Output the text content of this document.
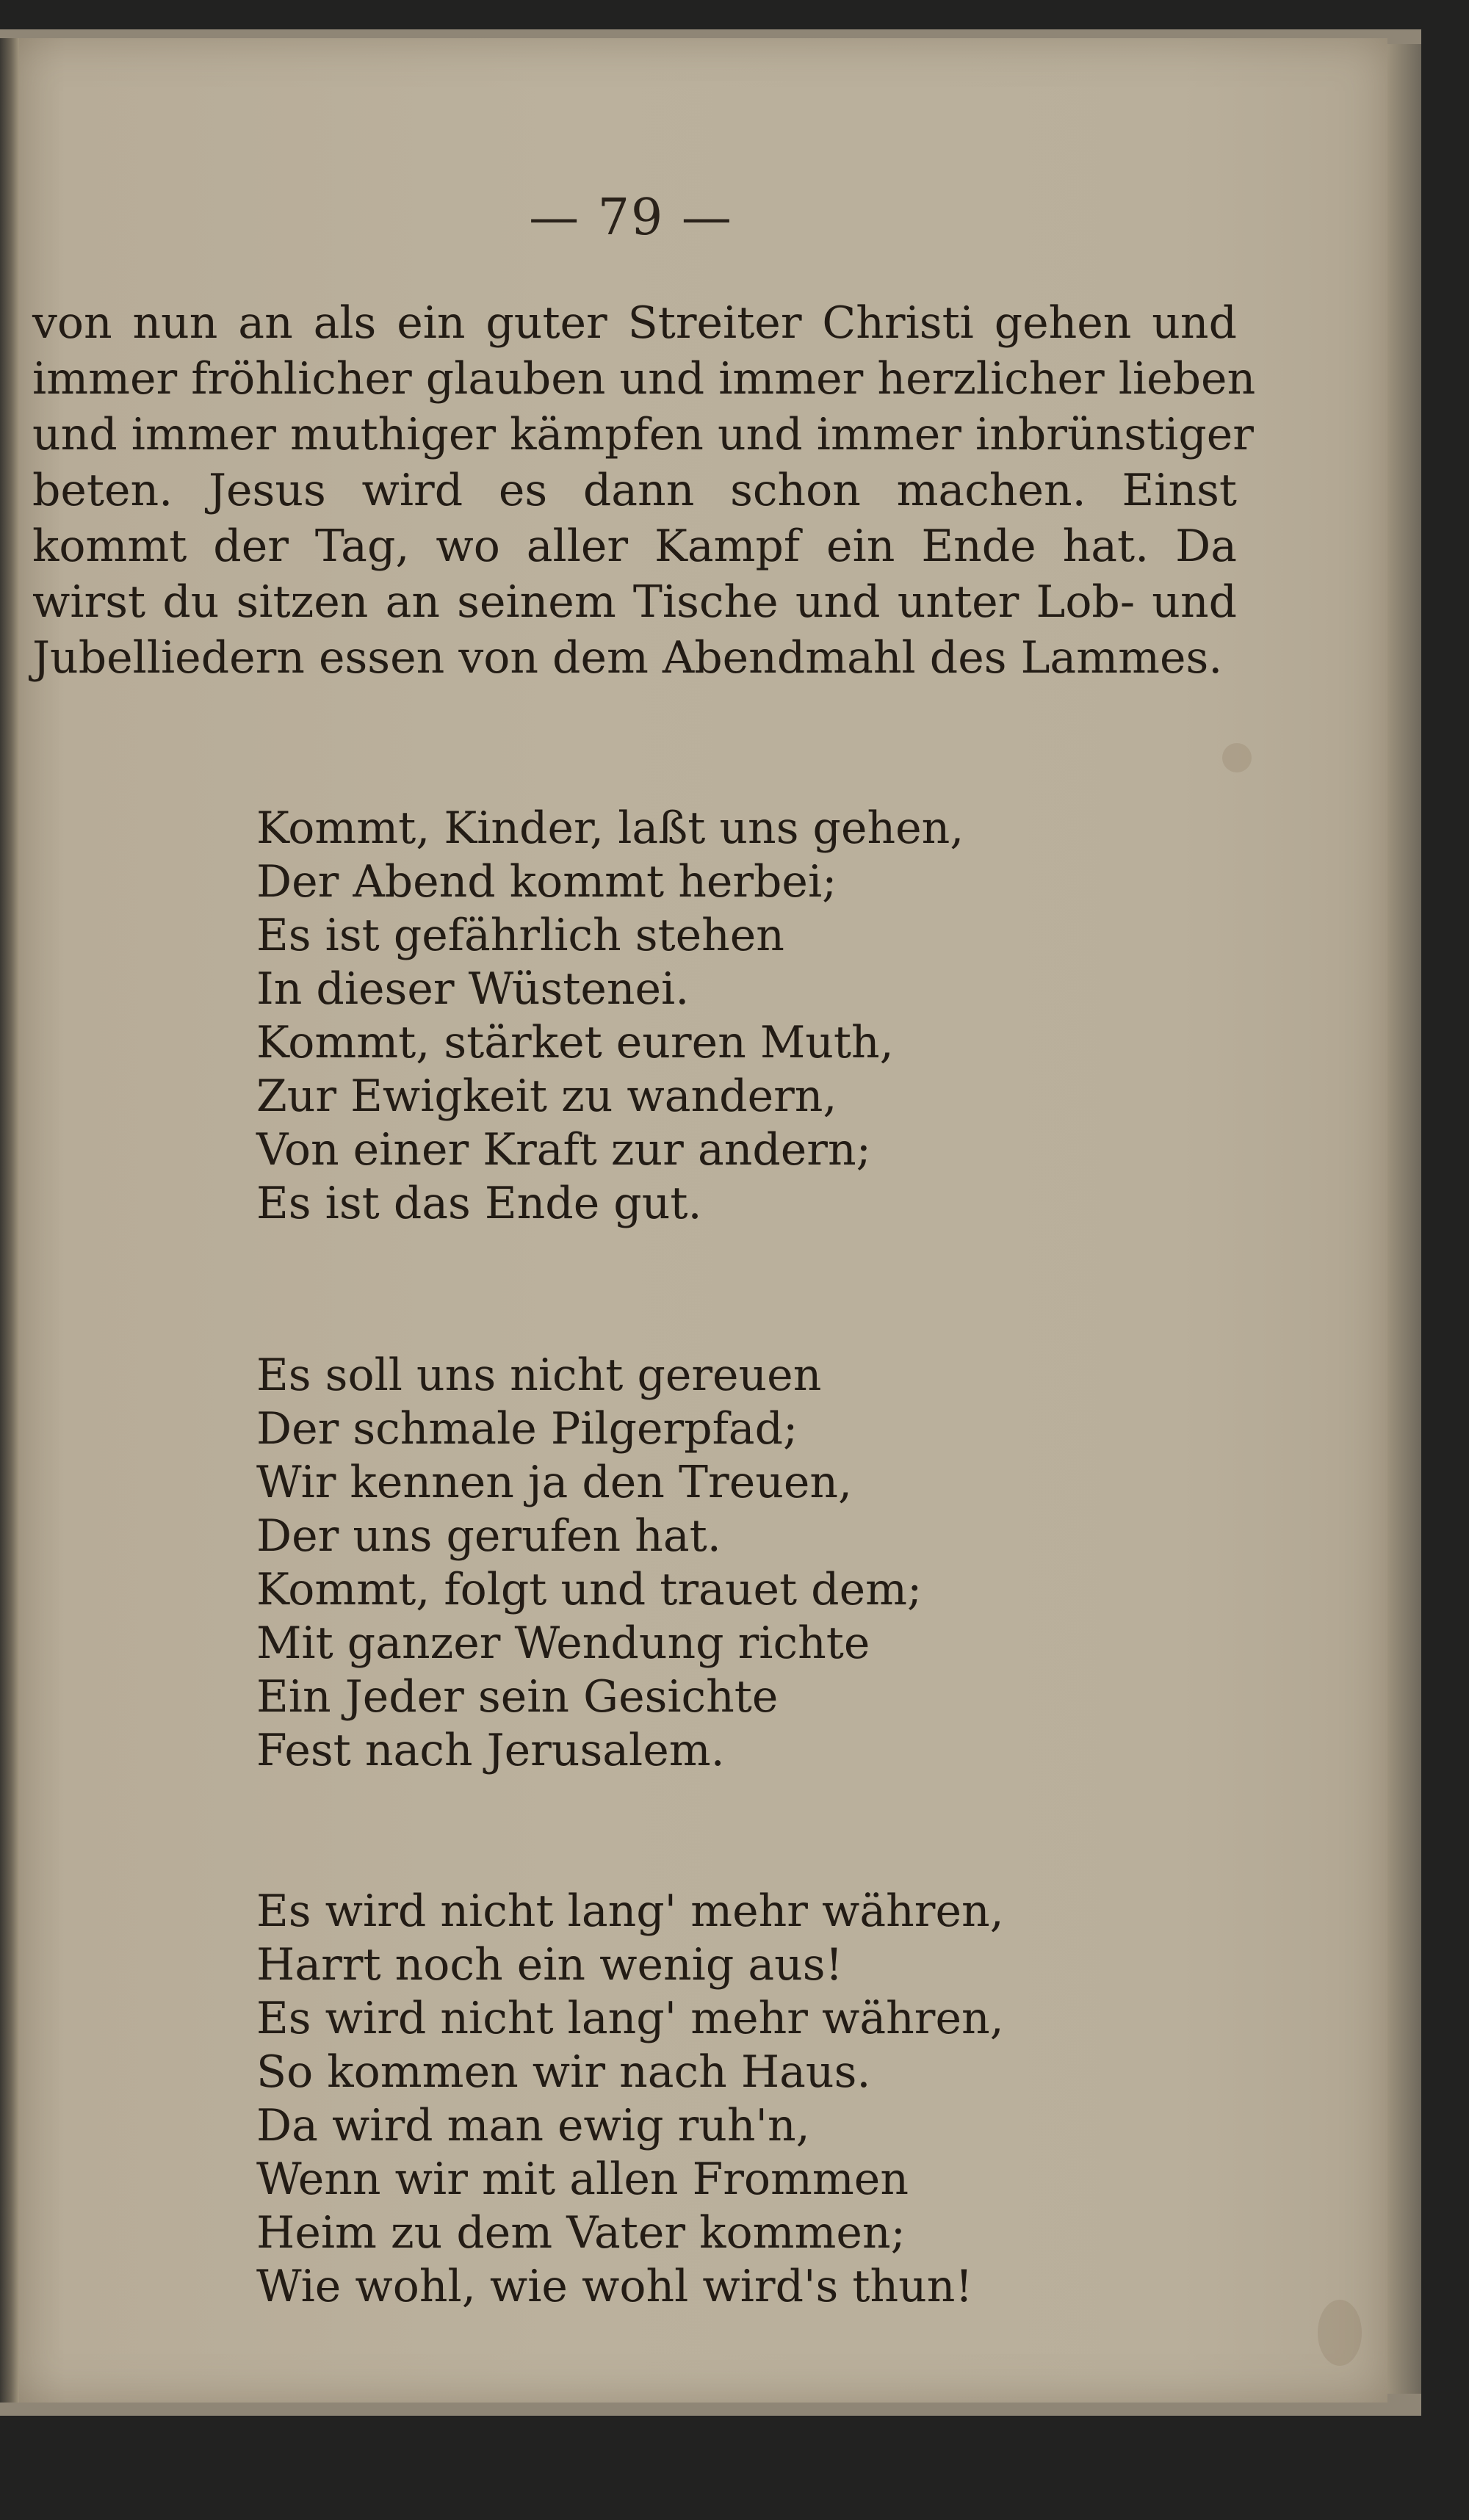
— 79 —
von nun an als ein guter Streiter Christi gehen und
immer fröhlicher glauben und immer herzlicher lieben
und immer muthiger kämpfen und immer inbrünstiger
beten. Jesus wird es dann schon machen. Einst
kommt der Tag, wo aller Kampf ein Ende hat. Da
wirst du sitzen an seinem Tische und unter Lob- und
Jubelliedern essen von dem Abendmahl des Lammes.
Kommt, Kinder, laßt uns gehen,
Der Abend kommt herbei;
Es ist gefährlich stehen
In dieser Wüstenei.
Kommt, stärket euren Muth,
Zur Ewigkeit zu wandern,
Von einer Kraft zur andern;
Es ist das Ende gut.
Es soll uns nicht gereuen
Der schmale Pilgerpfad;
Wir kennen ja den Treuen,
Der uns gerufen hat.
Kommt, folgt und trauet dem;
Mit ganzer Wendung richte
Ein Jeder sein Gesichte
Fest nach Jerusalem.
Es wird nicht lang' mehr währen,
Harrt noch ein wenig aus!
Es wird nicht lang' mehr währen,
So kommen wir nach Haus.
Da wird man ewig ruh'n,
Wenn wir mit allen Frommen
Heim zu dem Vater kommen;
Wie wohl, wie wohl wird's thun!
